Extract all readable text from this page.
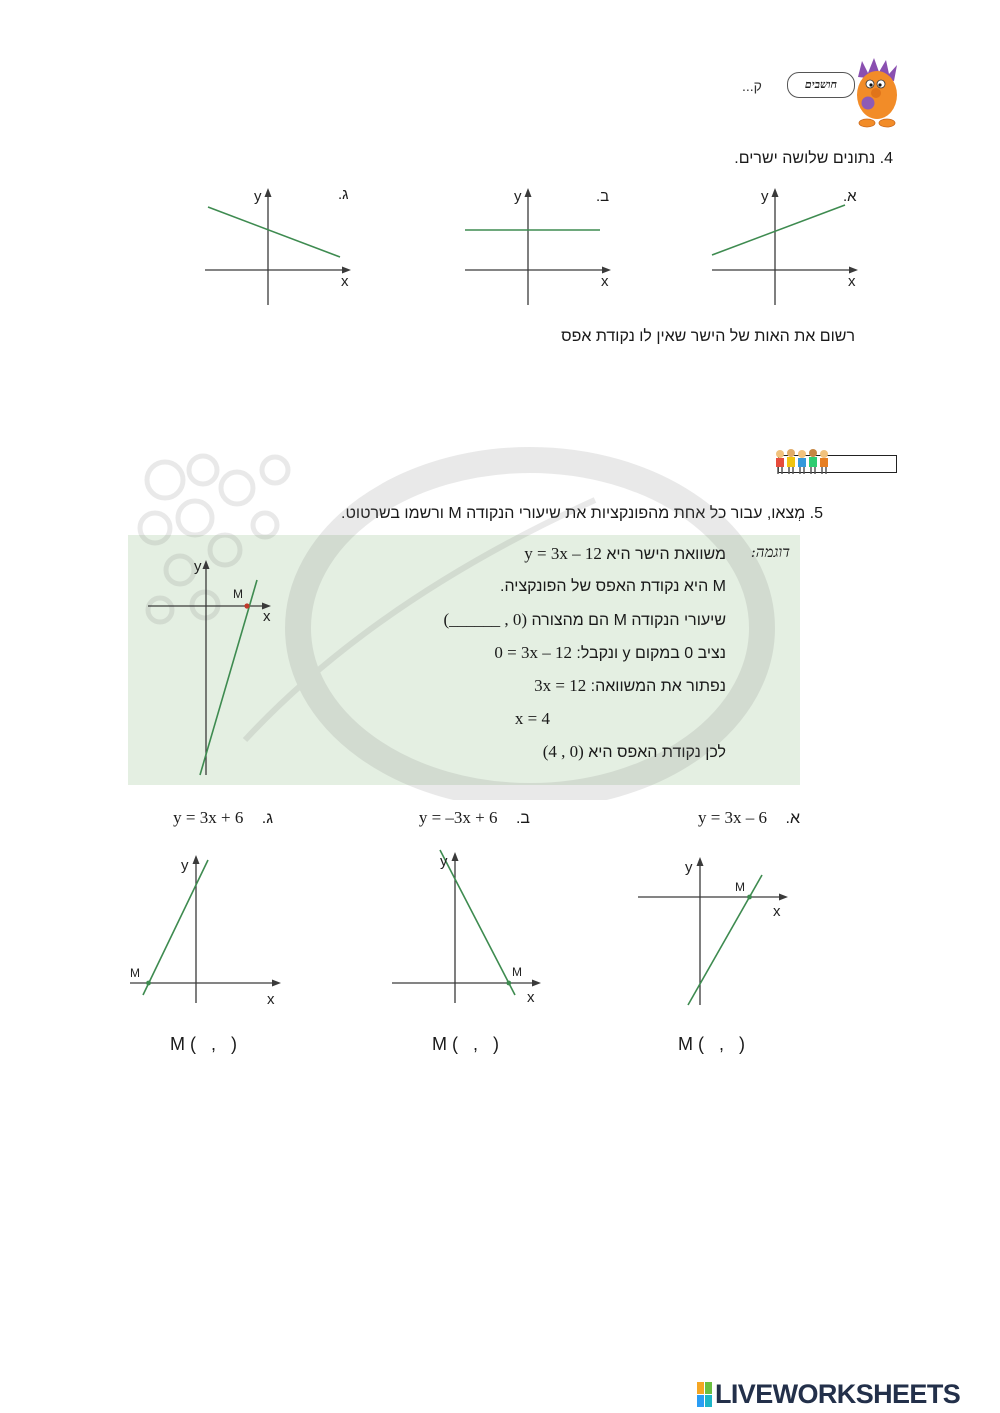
...ק	חושבים
4. נתונים שלושה ישרים.
y
x
ג.	y
x
ב.	y
x
א.
רשום את האות של הישר שאין לו נקודת אפס
5. מְצאו, עבור כל אחת מהפונקציות את שיעורי הנקודה M ורשמו בשרטוט.
דוגמה:
משוואת הישר היא y = 3x – 12
M היא נקודת האפס של הפונקציה.
שיעורי הנקודה M הם מהצורה (______ , 0)
נציב 0 במקום y ונקבל: 0 = 3x – 12
נפתור את המשוואה: 3x = 12
x = 4
לכן נקודת האפס היא (4 , 0)
y
x
M
ג. y = 3x + 6	ב. y = –3x + 6	א. y = 3x – 6
y
x
M
y
x
M
y
x
M
M (   ,   )	M (   ,   )	M (   ,   )
LIVEWORKSHEETS
